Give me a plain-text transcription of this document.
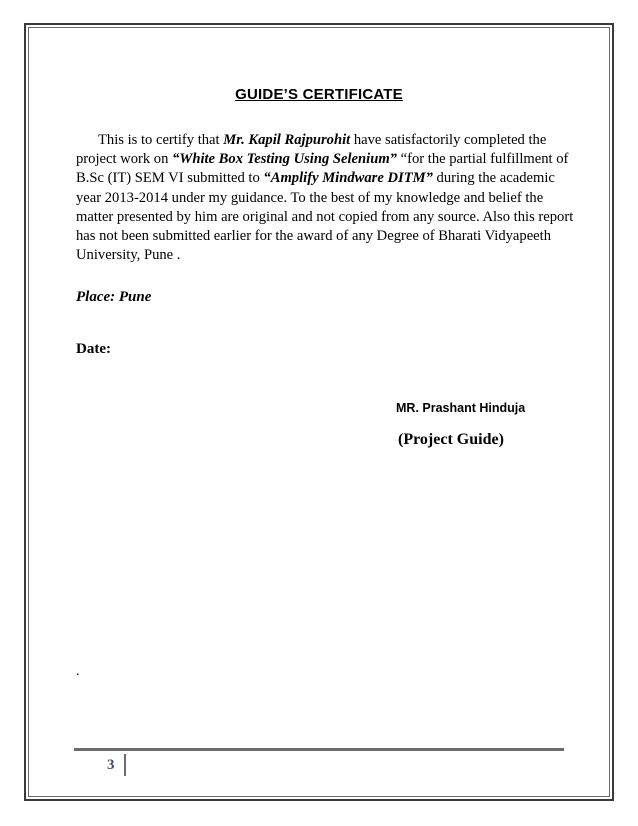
GUIDE’S CERTIFICATE
This is to certify that Mr. Kapil Rajpurohit have satisfactorily completed the project work on “White Box Testing Using Selenium” “for the partial fulfillment of B.Sc (IT) SEM VI submitted to “Amplify Mindware DITM” during the academic year 2013-2014 under my guidance. To the best of my knowledge and belief the matter presented by him are original and not copied from any source. Also this report has not been submitted earlier for the award of any Degree of Bharati Vidyapeeth University, Pune .
Place: Pune
Date:
MR. Prashant Hinduja
(Project Guide)
.
3
